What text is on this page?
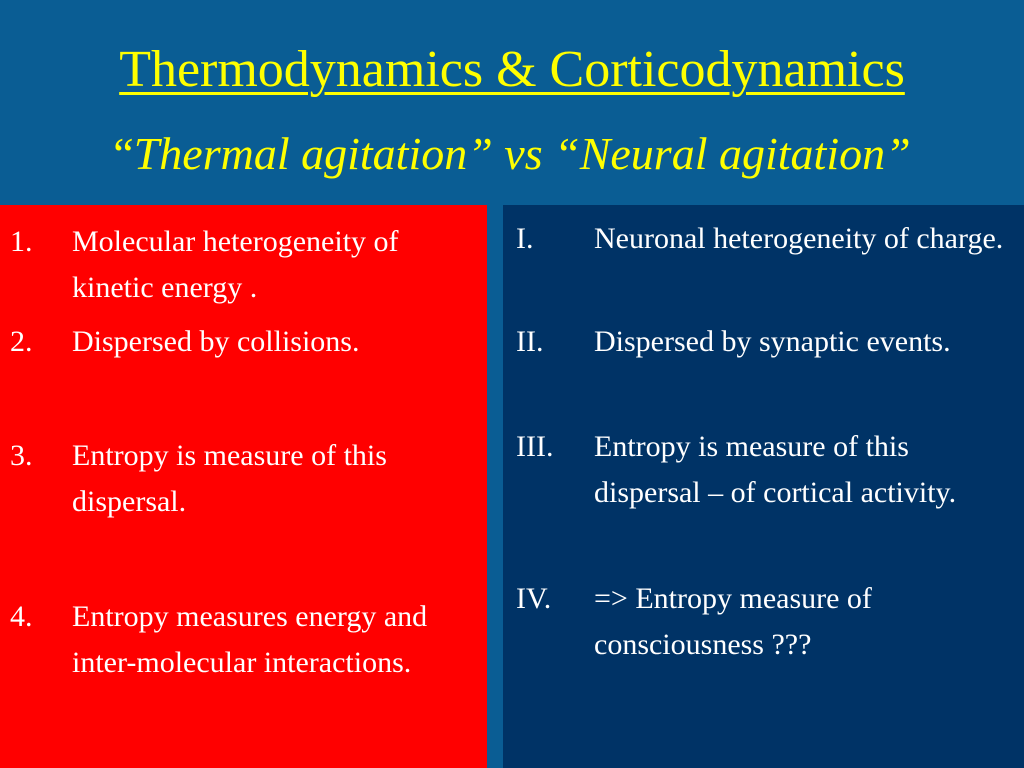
Thermodynamics & Corticodynamics
“Thermal agitation” vs “Neural agitation”
1. Molecular heterogeneity of kinetic energy .
2. Dispersed by collisions.
3. Entropy is measure of this dispersal.
4. Entropy measures energy and inter-molecular interactions.
I. Neuronal heterogeneity of charge.
II. Dispersed by synaptic events.
III. Entropy is measure of this dispersal – of cortical activity.
IV. => Entropy measure of consciousness ???
